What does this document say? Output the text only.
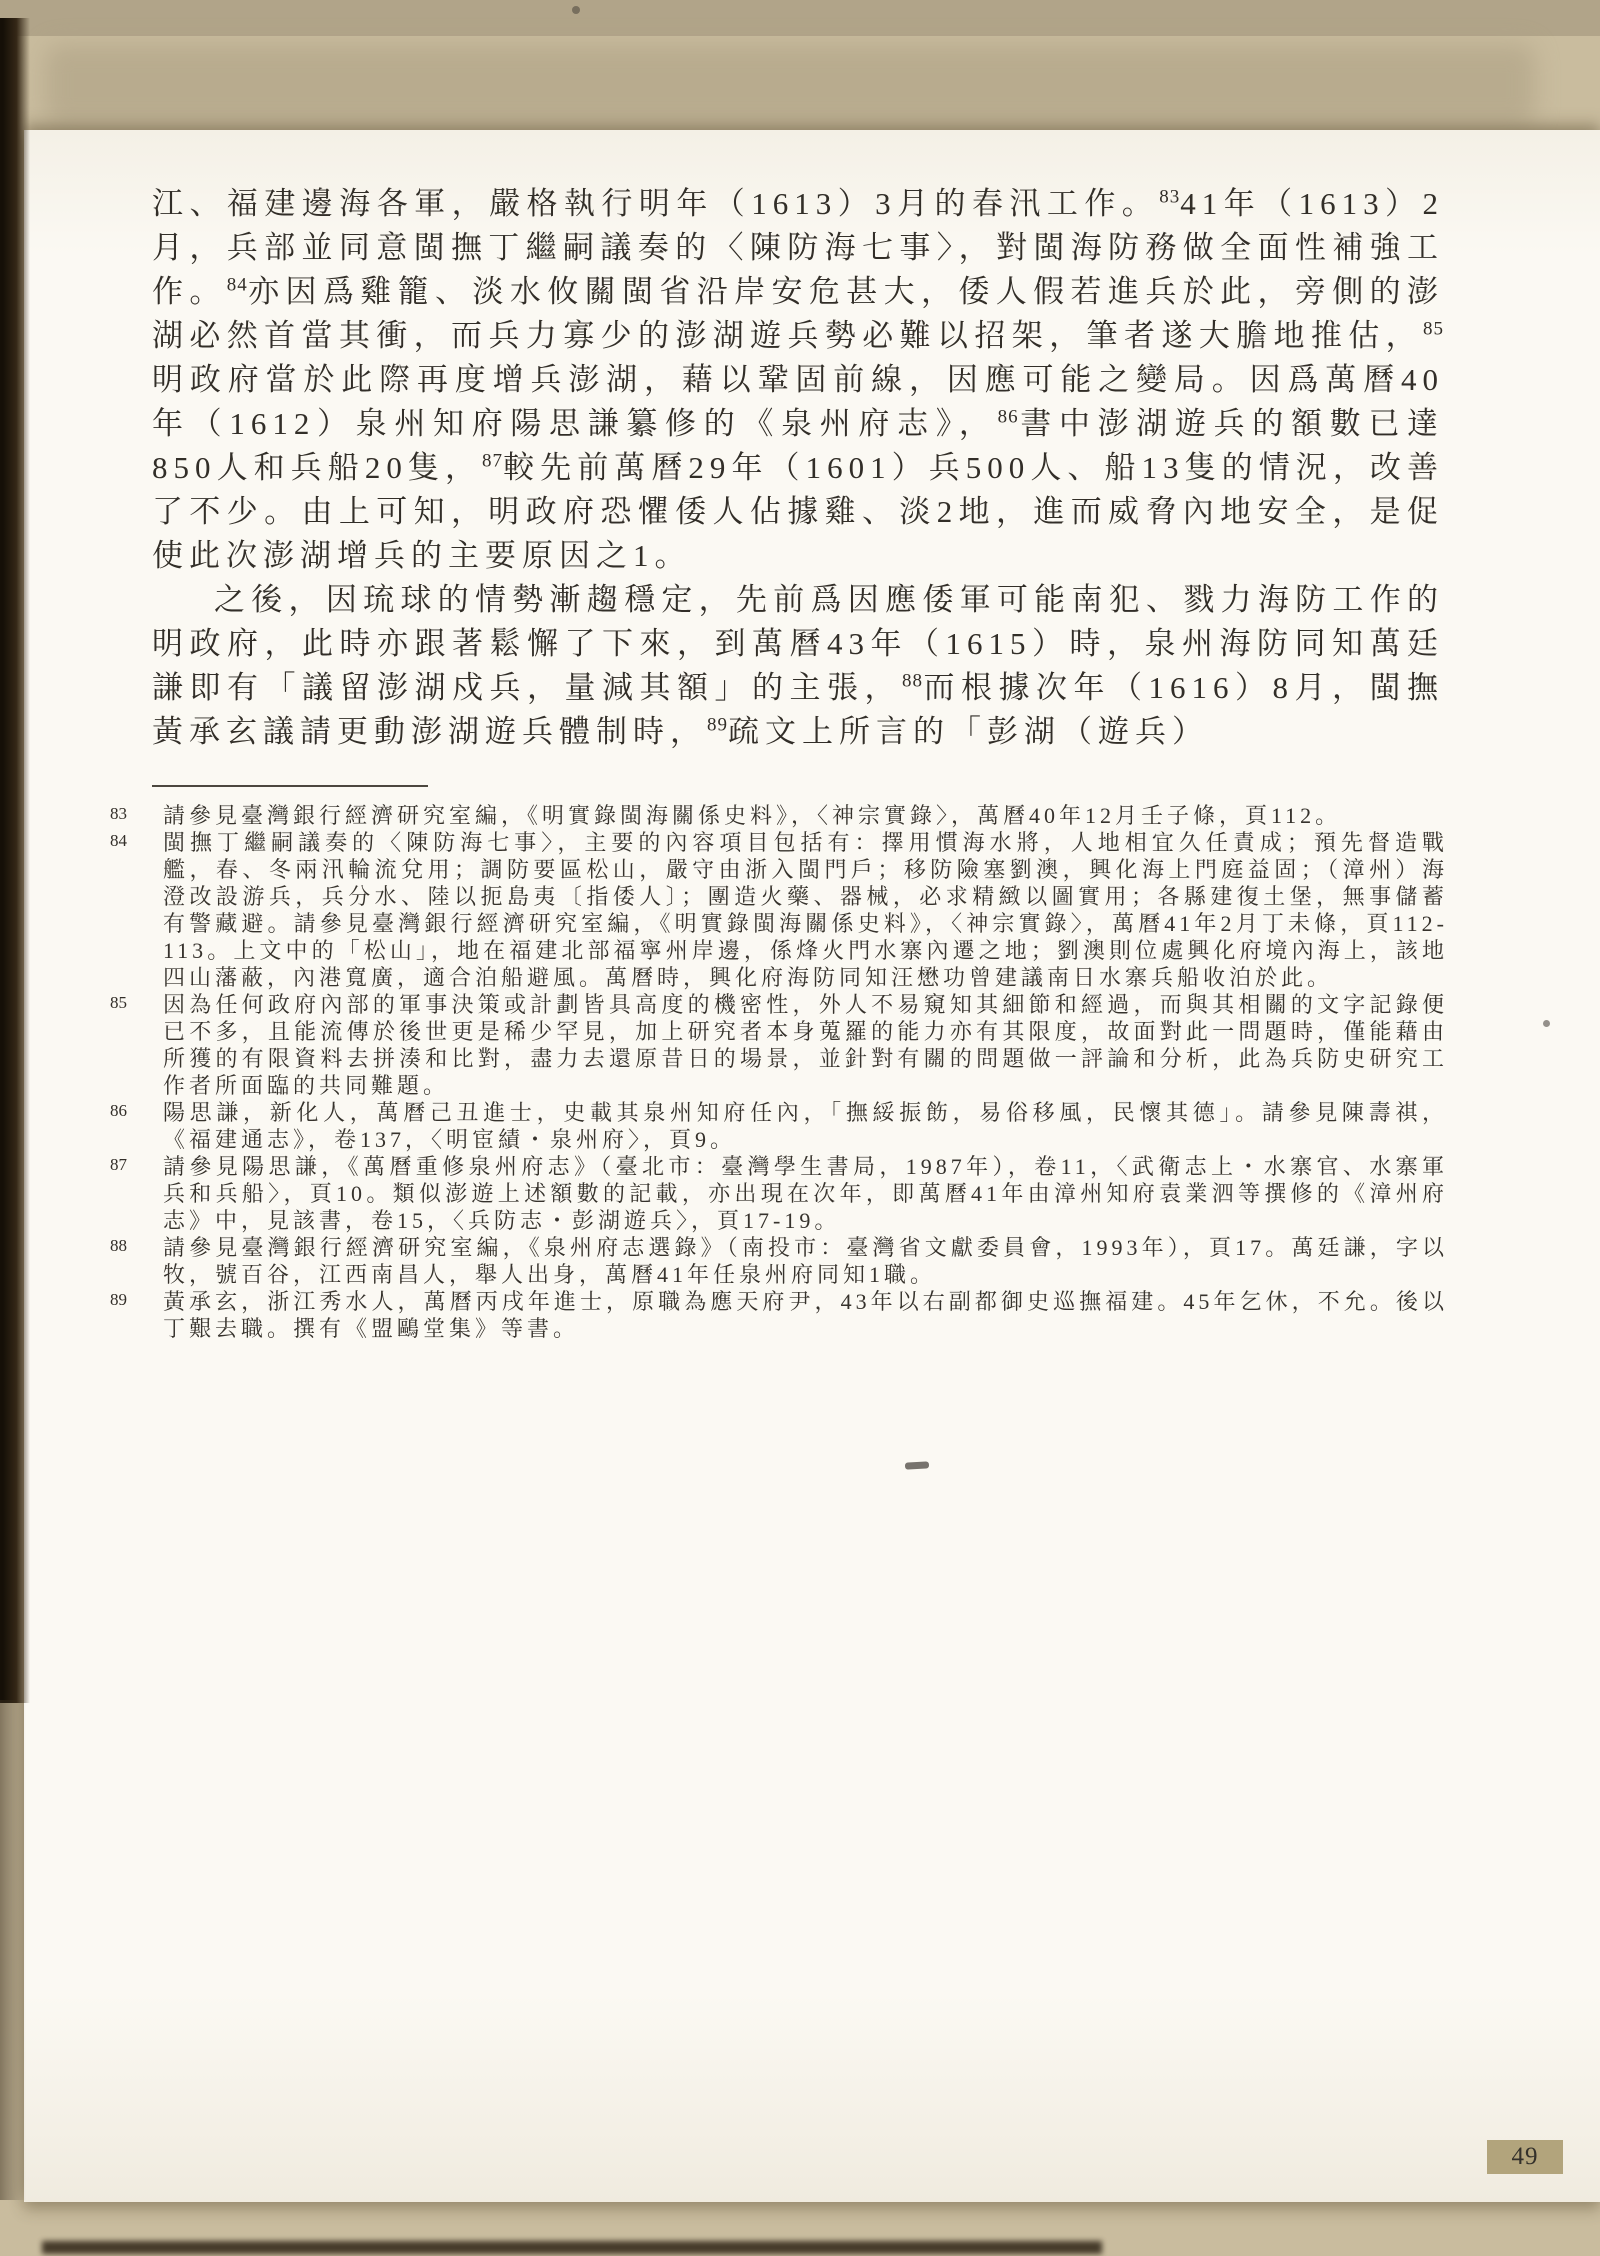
江、福建邊海各軍，嚴格執行明年（1613）3月的春汛工作。$^{83}$41年（1613）2月，兵部並同意閩撫丁繼嗣議奏的〈陳防海七事〉，對閩海防務做全面性補強工作。$^{84}$亦因爲雞籠、淡水攸關閩省沿岸安危甚大，倭人假若進兵於此，旁側的澎湖必然首當其衝，而兵力寡少的澎湖遊兵勢必難以招架，筆者遂大膽地推估，$^{85}$明政府當於此際再度增兵澎湖，藉以鞏固前線，因應可能之變局。因爲萬曆40年（1612）泉州知府陽思謙纂修的《泉州府志》，$^{86}$書中澎湖遊兵的額數已達850人和兵船20隻，$^{87}$較先前萬曆29年（1601）兵500人、船13隻的情況，改善了不少。由上可知，明政府恐懼倭人佔據雞、淡2地，進而威脅內地安全，是促使此次澎湖增兵的主要原因之1。

之後，因琉球的情勢漸趨穩定，先前爲因應倭軍可能南犯、戮力海防工作的明政府，此時亦跟著鬆懈了下來，到萬曆43年（1615）時，泉州海防同知萬廷謙即有「議留澎湖戍兵，量減其額」的主張，$^{88}$而根據次年（1616）8月，閩撫黃承玄議請更動澎湖遊兵體制時，$^{89}$疏文上所言的「彭湖（遊兵）

83	請參見臺灣銀行經濟研究室編，《明實錄閩海關係史料》，〈神宗實錄〉，萬曆40年12月壬子條，頁112。
84	閩撫丁繼嗣議奏的〈陳防海七事〉，主要的內容項目包括有：擇用慣海水將，人地相宜久任責成；預先督造戰艦，春、冬兩汛輪流兌用；調防要區松山，嚴守由浙入閩門戶；移防險塞劉澳，興化海上門庭益固；（漳州）海澄改設游兵，兵分水、陸以扼島夷〔指倭人〕；團造火藥、器械，必求精緻以圖實用；各縣建復土堡，無事儲蓄有警藏避。請參見臺灣銀行經濟研究室編，《明實錄閩海關係史料》，〈神宗實錄〉，萬曆41年2月丁未條，頁112-113。上文中的「松山」，地在福建北部福寧州岸邊，係烽火門水寨內遷之地；劉澳則位處興化府境內海上，該地四山藩蔽，內港寬廣，適合泊船避風。萬曆時，興化府海防同知汪懋功曾建議南日水寨兵船收泊於此。
85	因為任何政府內部的軍事決策或計劃皆具高度的機密性，外人不易窺知其細節和經過，而與其相關的文字記錄便已不多，且能流傳於後世更是稀少罕見，加上研究者本身蒐羅的能力亦有其限度，故面對此一問題時，僅能藉由所獲的有限資料去拼湊和比對，盡力去還原昔日的場景，並針對有關的問題做一評論和分析，此為兵防史研究工作者所面臨的共同難題。
86	陽思謙，新化人，萬曆己丑進士，史載其泉州知府任內，「撫綏振飭，易俗移風，民懷其德」。請參見陳壽祺，《福建通志》，卷137，〈明宦績・泉州府〉，頁9。
87	請參見陽思謙，《萬曆重修泉州府志》（臺北市：臺灣學生書局，1987年），卷11，〈武衛志上・水寨官、水寨軍兵和兵船〉，頁10。類似澎遊上述額數的記載，亦出現在次年，即萬曆41年由漳州知府袁業泗等撰修的《漳州府志》中，見該書，卷15，〈兵防志・彭湖遊兵〉，頁17-19。
88	請參見臺灣銀行經濟研究室編，《泉州府志選錄》（南投市：臺灣省文獻委員會，1993年），頁17。萬廷謙，字以牧，號百谷，江西南昌人，舉人出身，萬曆41年任泉州府同知1職。
89	黃承玄，浙江秀水人，萬曆丙戌年進士，原職為應天府尹，43年以右副都御史巡撫福建。45年乞休，不允。後以丁艱去職。撰有《盟鷗堂集》等書。
49
